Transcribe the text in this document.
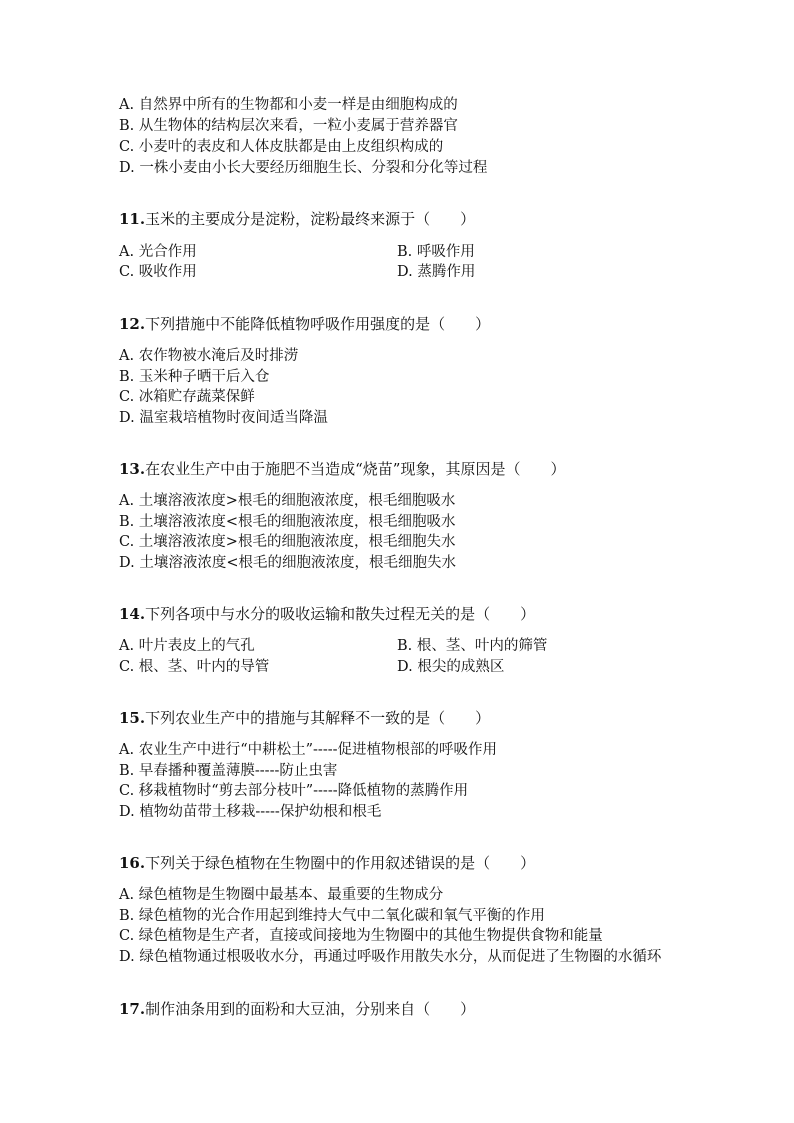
A. 自然界中所有的生物都和小麦一样是由细胞构成的
B. 从生物体的结构层次来看，一粒小麦属于营养器官
C. 小麦叶的表皮和人体皮肤都是由上皮组织构成的
D. 一株小麦由小长大要经历细胞生长、分裂和分化等过程
11.玉米的主要成分是淀粉，淀粉最终来源于（　　）
A. 光合作用	B. 呼吸作用
C. 吸收作用	D. 蒸腾作用
12.下列措施中不能降低植物呼吸作用强度的是（　　）
A. 农作物被水淹后及时排涝
B. 玉米种子晒干后入仓
C. 冰箱贮存蔬菜保鲜
D. 温室栽培植物时夜间适当降温
13.在农业生产中由于施肥不当造成“烧苗”现象，其原因是（　　）
A. 土壤溶液浓度>根毛的细胞液浓度，根毛细胞吸水
B. 土壤溶液浓度<根毛的细胞液浓度，根毛细胞吸水
C. 土壤溶液浓度>根毛的细胞液浓度，根毛细胞失水
D. 土壤溶液浓度<根毛的细胞液浓度，根毛细胞失水
14.下列各项中与水分的吸收运输和散失过程无关的是（　　）
A. 叶片表皮上的气孔	B. 根、茎、叶内的筛管
C. 根、茎、叶内的导管	D. 根尖的成熟区
15.下列农业生产中的措施与其解释不一致的是（　　）
A. 农业生产中进行“中耕松土”-----促进植物根部的呼吸作用
B. 早春播种覆盖薄膜-----防止虫害
C. 移栽植物时“剪去部分枝叶”-----降低植物的蒸腾作用
D. 植物幼苗带土移栽-----保护幼根和根毛
16.下列关于绿色植物在生物圈中的作用叙述错误的是（　　）
A. 绿色植物是生物圈中最基本、最重要的生物成分
B. 绿色植物的光合作用起到维持大气中二氧化碳和氧气平衡的作用
C. 绿色植物是生产者，直接或间接地为生物圈中的其他生物提供食物和能量
D. 绿色植物通过根吸收水分，再通过呼吸作用散失水分，从而促进了生物圈的水循环
17.制作油条用到的面粉和大豆油，分别来自（　　）
